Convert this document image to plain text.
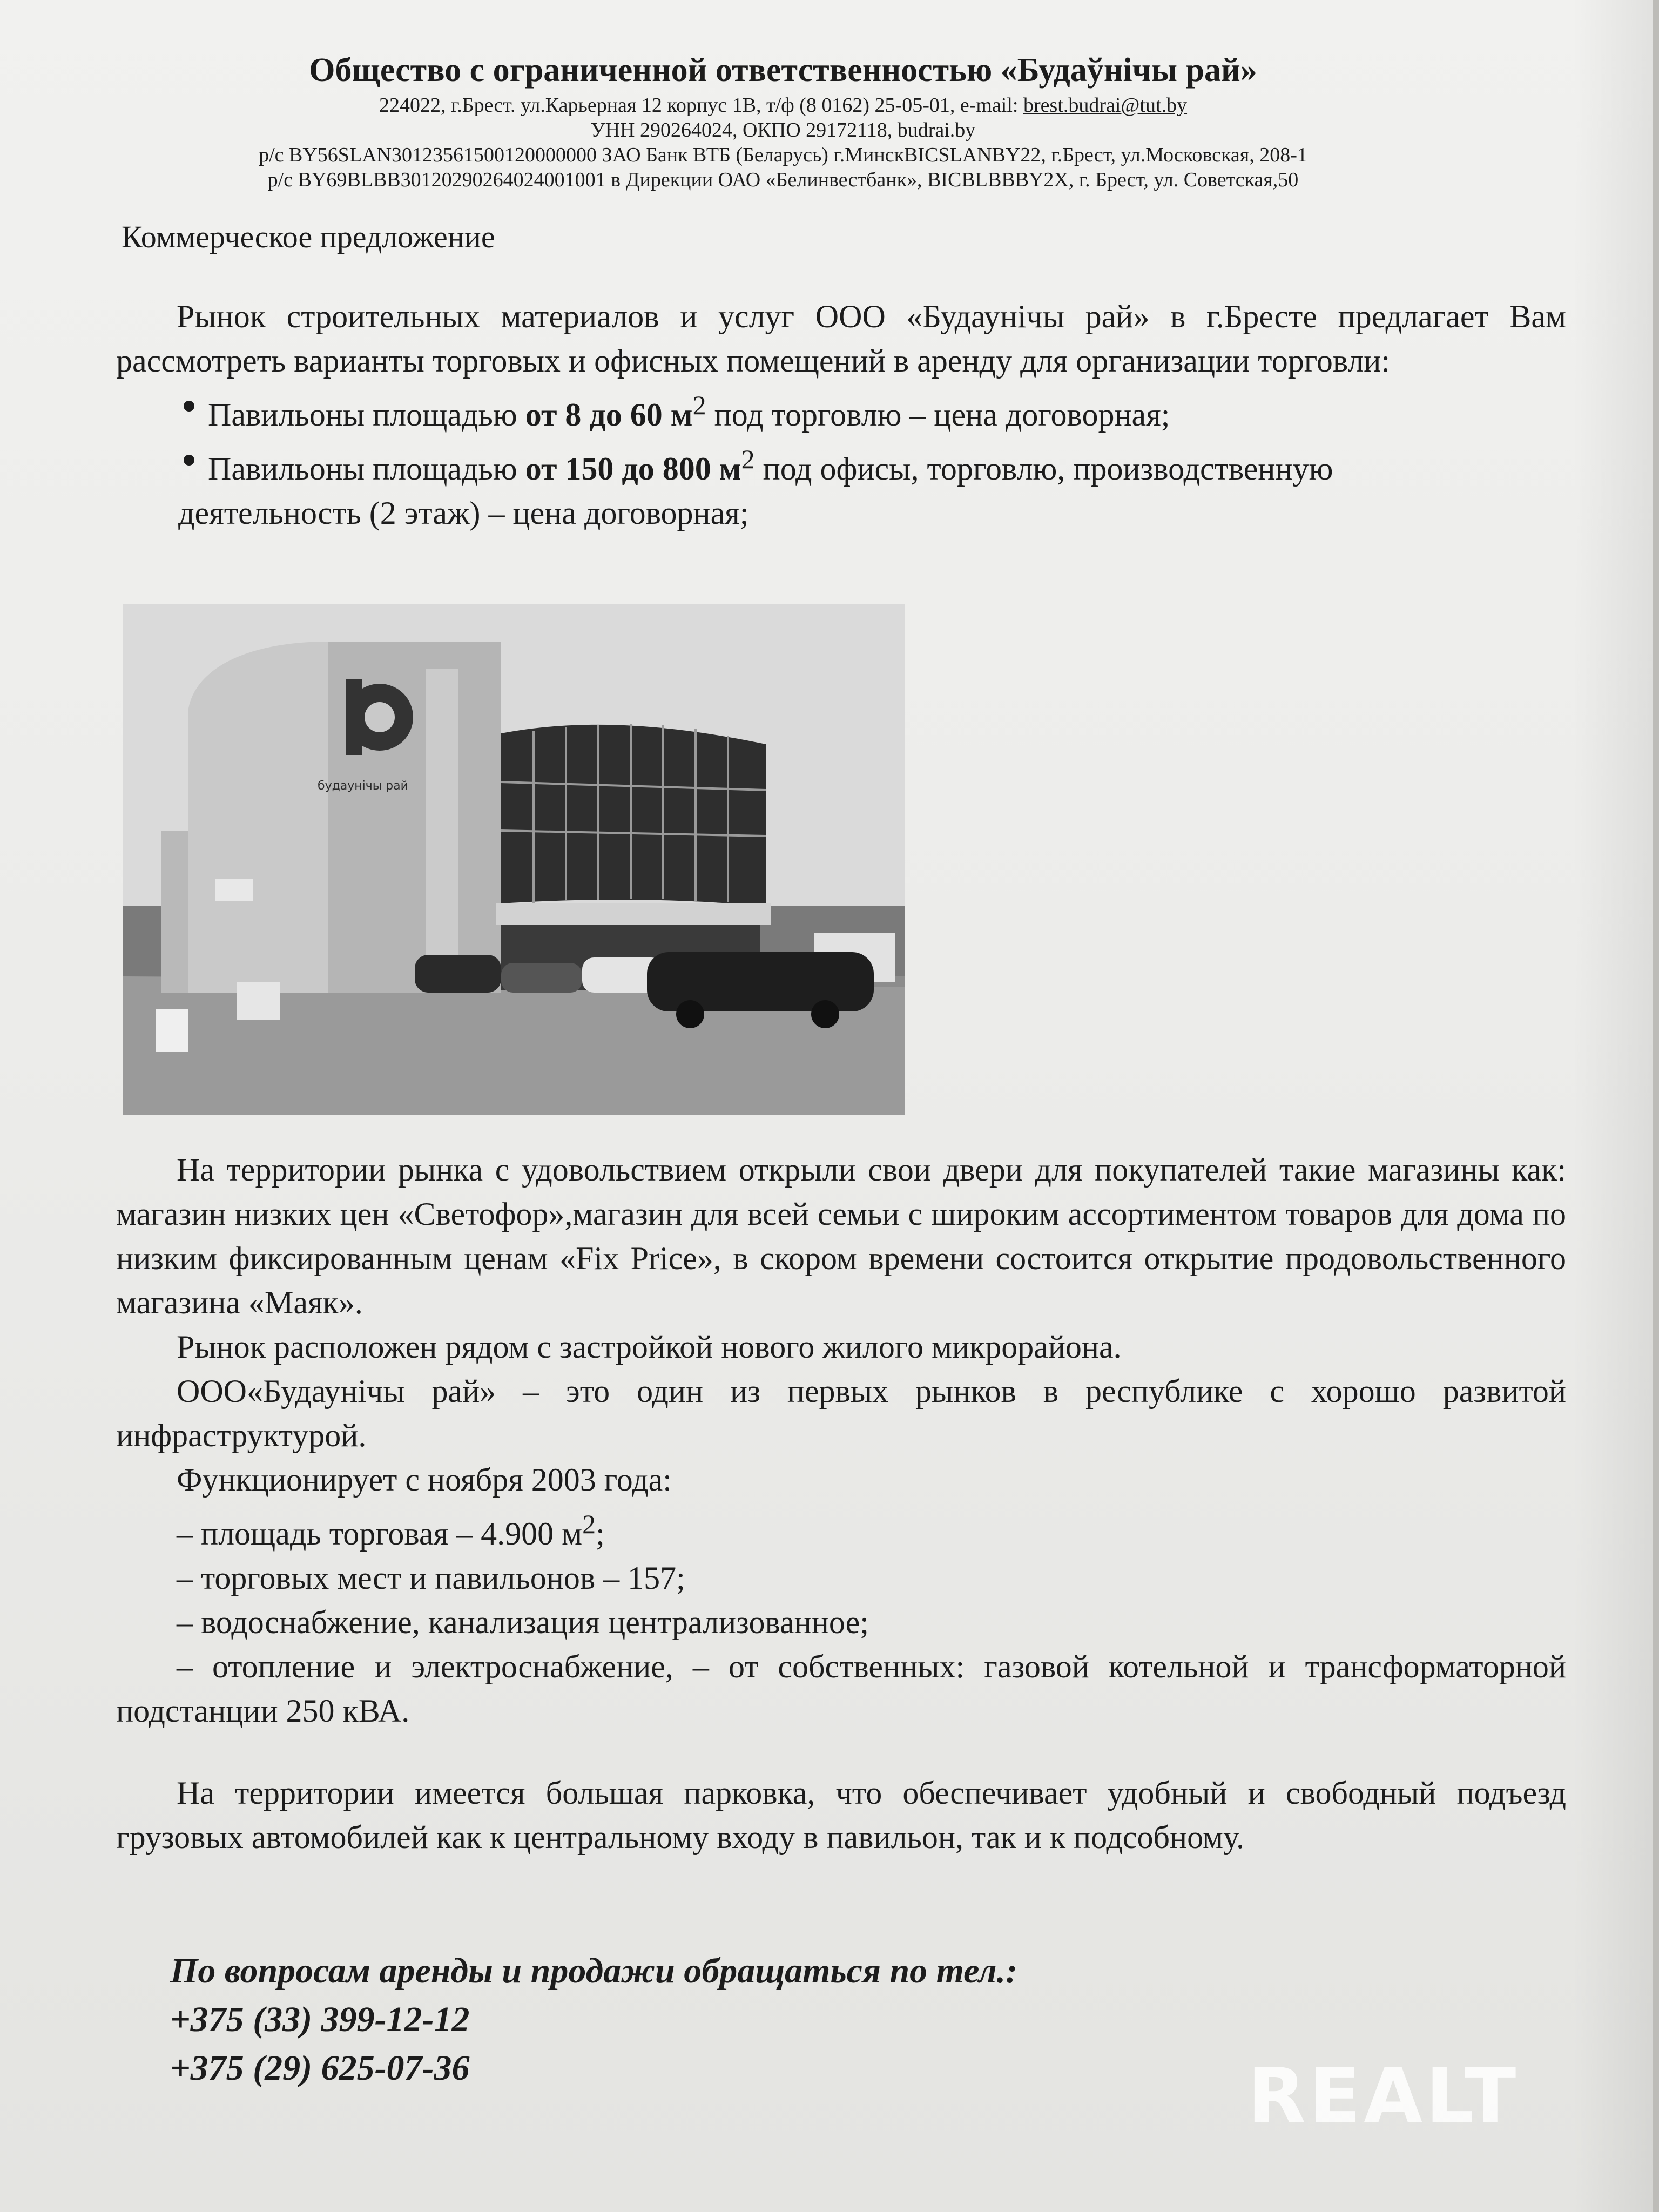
Общество с ограниченной ответственностью «Будаўнічы рай»
224022, г.Брест. ул.Карьерная 12 корпус 1В, т/ф (8 0162) 25-05-01, e-mail: brest.budrai@tut.by
УНН 290264024, ОКПО 29172118, budrai.by
р/с BY56SLAN30123561500120000000 ЗАО Банк ВТБ (Беларусь) г.МинскBICSLANBY22, г.Брест, ул.Московская, 208-1
р/с BY69BLBB30120290264024001001 в Дирекции ОАО «Белинвестбанк», BICBLBBBY2X, г. Брест, ул. Советская,50
Коммерческое предложение

Рынок строительных материалов и услуг ООО «Будаунічы рай» в г.Бресте предлагает Вам рассмотреть варианты торговых и офисных помещений в аренду для организации торговли:

Павильоны площадью от 8 до 60 $м^2$ под торговлю – цена договорная;

Павильоны площадью от 150 до 800 $м^2$ под офисы, торговлю, производственную

деятельность (2 этаж) – цена договорная;

будаунічы рай

На территории рынка с удовольствием открыли свои двери для покупателей такие магазины как: магазин низких цен «Светофор»,магазин для всей семьи с широким ассортиментом товаров для дома по низким фиксированным ценам «Fix Price», в скором времени состоится открытие продовольственного магазина «Маяк».

Рынок расположен рядом с застройкой нового жилого микрорайона.

ООО«Будаунічы рай» – это один из первых рынков в республике с хорошо развитой инфраструктурой.

Функционирует с ноября 2003 года:

– площадь торговая – 4.900 $м^2$;

– торговых мест и павильонов – 157;

– водоснабжение, канализация централизованное;

– отопление и электроснабжение, – от собственных: газовой котельной и трансформаторной подстанции 250 кВА.

На территории имеется большая парковка, что обеспечивает удобный и свободный подъезд грузовых автомобилей как к центральному входу в павильон, так и к подсобному.

По вопросам аренды и продажи обращаться по тел.:
+375 (33) 399-12-12
+375 (29) 625-07-36	REALT
